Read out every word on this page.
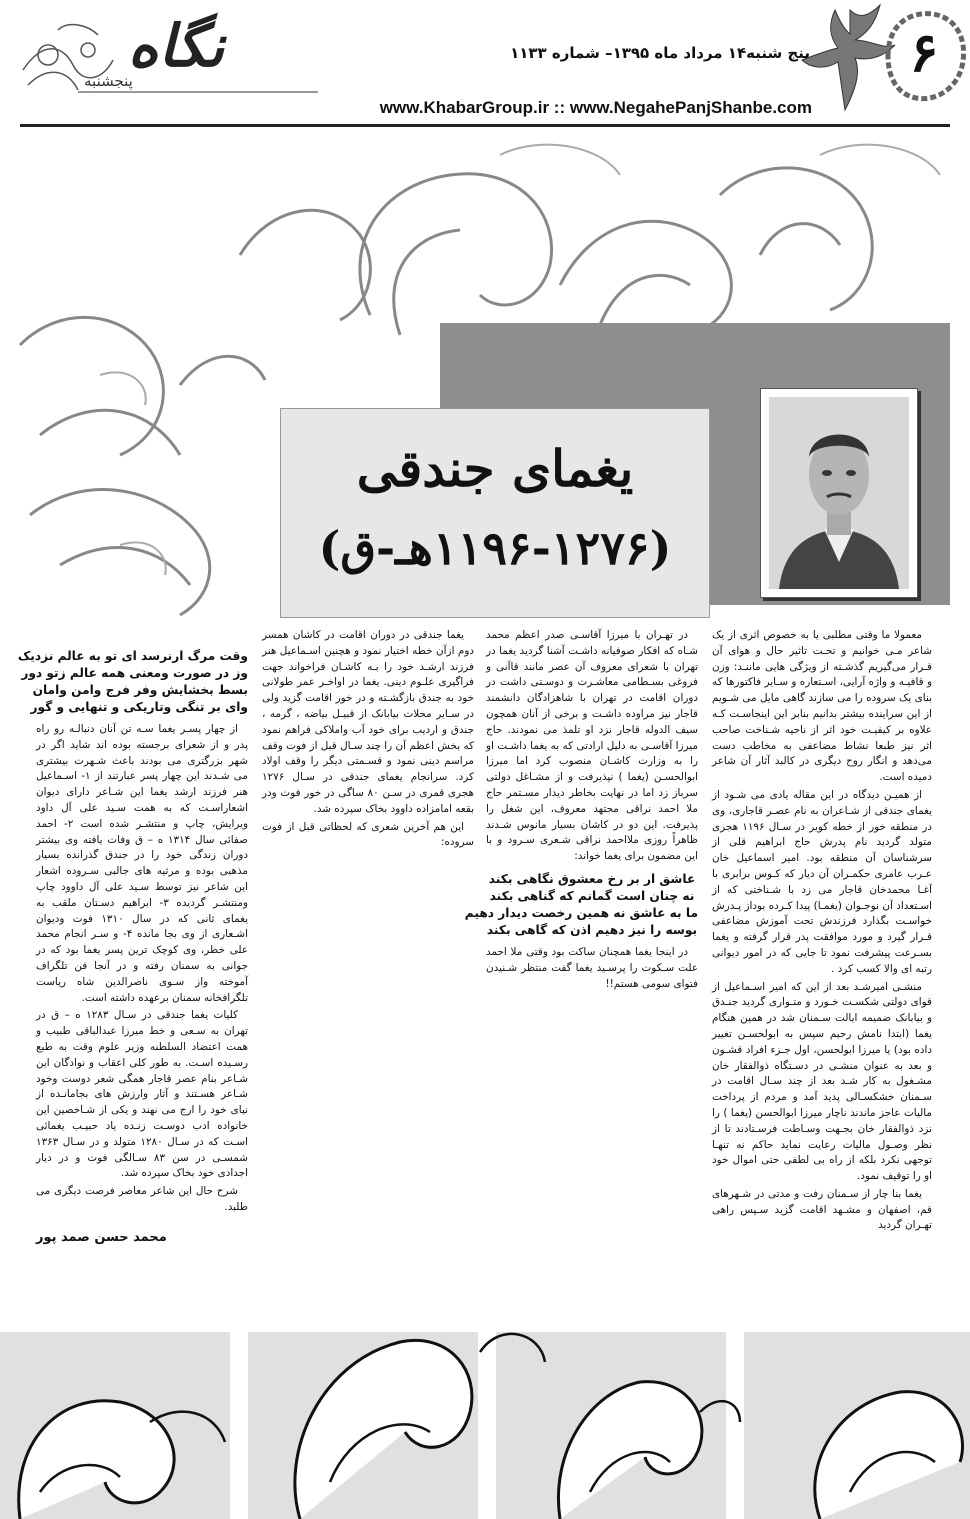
نگاه
پنجشنبه
پنج شنبه۱۴ مرداد ماه ۱۳۹۵– شماره ۱۱۳۳
www.KhabarGroup.ir :: www.NegahePanjShanbe.com
۶
یغمای جندقی
(۱۱۹۶-۱۲۷۶هـ-ق)

معمولا ما وقتی مطلبی یا به خصوص اثری از یک شاعر مـی خوانیم و تحـت تاثیر حال و هوای آن قـرار می‌گیریم گذشـته از ویژگی هایی ماننـد: وزن و قافیـه و واژه آرایی، اسـتعاره و سـایر فاکتورها که بنای یک سروده را می سازند گاهی مایل می شـویم از این سراینده بیشتر بدانیم بنابر این اینجاسـت کـه علاوه بر کیفیـت خود اثر از ناحیه شـناخت صاحب اثر نیز طبعا نشاط مضاعفی به مخاطب دست می‌دهد و انگار روح دیگری در کالبد آثار آن شاعر دمیده است.

از همیـن دیدگاه در این مقاله یادی می شـود از یغمای جندقی از شـاعران به نام عصـر قاجاری، وی در منطقه خور از خطه کویر در سـال ۱۱۹۶ هجری متولد گردید نام پدرش حاج ابراهیم قلی از سرشناسان آن منطقه بود. امیر اسماعیل خان عـرب عامری حکمـران آن دیار که کـوس برابری با آغـا محمدخان قاجار می زد با شـناختی که از اسـتعداد آن نوجـوان (یغمـا) پیدا کـرده بوداز پـدرش خواسـت بگذارد فرزندش تحت آموزش مضاعفی قـرار گیرد و مورد موافقت پدر قرار گرفته و یغما بسـرعت پیشرفت نمود تا جایی که در امور دیوانی رتبه ای والا کسب کرد .

منشـی امیرشـد بعد از این که امیر اسـماعیل از قوای دولتی شکسـت خـورد و متـواری گردید جنـدق و بیابانک ضمیمه ایالت سـمنان شد در همین هنگام یغما (ابتدا نامش رحیم سپس به ابولحسـن تغییر داده بود) یا میرزا ابولحسن، اول جـزء افراد قشـون و بعد به عنوان منشـی در دسـتگاه ذوالفقار خان مشـغول به کار شـد بعد از چند سـال اقامت در سـمنان خشکسـالی پدید آمد و مردم از پرداخت مالیات عاجز ماندند ناچار میرزا ابوالحسن (یغما ) را نزد ذوالفقار خان بجـهت وسـاطت فرسـتادند تا از نظر وصـول مالیات رعایت نماید حاکم نه تنهـا توجهی نکرد بلکه از راه بی لطفی حتی اموال خود او را توقیف نمود.

یغما بنا چار از سـمنان رفت و مدتی در شـهرهای قم، اصفهان و مشـهد اقامت گزید سـپس راهی تهـران گردید

در تهـران با میرزا آقاسـی صدر اعظم محمد شـاه که افکار صوفیانه داشـت آشنا گردید یغما در تهران با شعرای معروف آن عصر مانند قاآنی و فروغی بسـطامی معاشـرت و دوسـتی داشت در دوران اقامت در تهران با شاهزادگان دانشمند قاجار نیز مراوده داشـت و برخی از آنان همچون سیف الدوله قاجار نزد او تلمذ می نمودند. حاج میرزا آقاسـی به دلیل ارادتی که به یغما داشـت او را به وزارت کاشـان منصوب کرد اما میرزا ابوالحسـن (یغما ) نپذیرفت و از مشـاغل دولتی سرباز زد اما در نهایت بخاطر دیدار مسـتمر حاج ملا احمد نراقی مجتهد معروف، این شغل را پذیرفت. این دو در کاشان بسیار مانوس شـدند ظاهراً روزی ملااحمد نراقی شـعری سـرود و با این مضمون برای یغما خواند:

عاشق ار بر رخ معشوق نگاهی بکند
نه چنان است گمانم که گناهی بکند
ما به عاشق نه همین رخصت دیدار دهیم
بوسه را نیز دهیم اذن که گاهی بکند

در اینجا یغما همچنان ساکت بود وقتی ملا احمد علت سـکوت را پرسـید یغما گفت منتظر شـنیدن فتوای سومی هستم!!

وقت مرگ ارنرسد ای تو به عالم نزدیک
وز در صورت ومعنی همه عالم زتو دور
بسط بخشایش وفر فرج وامن وامان
وای بر تنگی وتاریکی و تنهایی و گور

از چهار پسـر یغما سـه تن آنان دنبالـه رو راه پدر و از شعرای برجسته بوده اند شاید اگر در شهر بزرگتری می بودند باعث شـهرت بیشتری می شـدند این چهار پسر عبارتند از ۱- اسـماعیل هنر فرزند ارشد یغما این شـاعر دارای دیوان اشعاراسـت که به همت سـید علی آل داود ویرایش، چاپ و منتشـر شده است ۲- احمد صفائی سال ۱۳۱۴ ه – ق وفات یافته وی بیشتر دوران زندگی خود را در جندق گذرانده بسیار مذهبی بوده و مرثیه های جالبی سـروده اشعار این شاعر نیز توسط سـید علی آل داوود چاپ ومنتشـر گردیده ۳- ابراهیم دسـتان ملقب به یغمای ثانی که در سال ۱۳۱۰ فوت ودیوان اشـعاری از وی بجا مانده ۴- و سـر انجام محمد علی خطر، وی کوچک ترین پسر یغما بود که در جوانی به سمنان رفته و در آنجا فن تلگراف آموخته واز سـوی ناصرالدین شاه ریاست تلگرافخانه سمنان برعهده داشته است.

کلیات یغما جندقی در سـال ۱۲۸۳ ه – ق در تهران به سـعی و خط میرزا عبدالباقی طبیب و همت اعتضاد السلطنه وزیر علوم وقت به طبع رسـیده اسـت. به طور کلی اعقاب و نوادگان این شـاعر بنام عصر قاجار همگی شعر دوست وخود شـاعر هسـتند و آثار وارزش های بجامانـده از نیای خود را ارج می نهند و یکی از شـاخصین این خانواده ادب دوسـت زنـده یاد حبیـب یغمائی اسـت که در سـال ۱۲۸۰ متولد و در سـال ۱۳۶۳ شمسـی در سن ۸۳ سـالگی فوت و در دیار اجدادی خود بخاک سپرده شد.

شرح حال این شاعر معاصر فرصت دیگری می طلبد.

محمد حسن صمد پور

یغما جندقی در دوران اقامت در کاشان همسر دوم ازآن خطه اختیار نمود و هچنین اسـماعیل هنر فرزند ارشـد خود را بـه کاشـان فراخواند جهت فراگیری علـوم دینی. یغما در اواخـر عمر طولانی خود به جندق بازگشـته و در خور اقامت گزید ولی در سـایر محلات بیابانک از قبیـل بیاضه ، گرمه ، جندق و اردیب برای خود آب واملاکی فراهم نمود که بخش اعظم آن را چند سـال قبل از فوت وقف مراسم دینی نمود و قسـمتی دیگر را وقف اولاد کرد. سرانجام یغمای جندقی در سـال ۱۲۷۶ هجری قمری در سـن ۸۰ ساگی در خور فوت ودر بقعه امامزاده داوود بخاک سپرده شد.

این هم آخرین شعری که لحظاتی قبل از فوت سروده:
